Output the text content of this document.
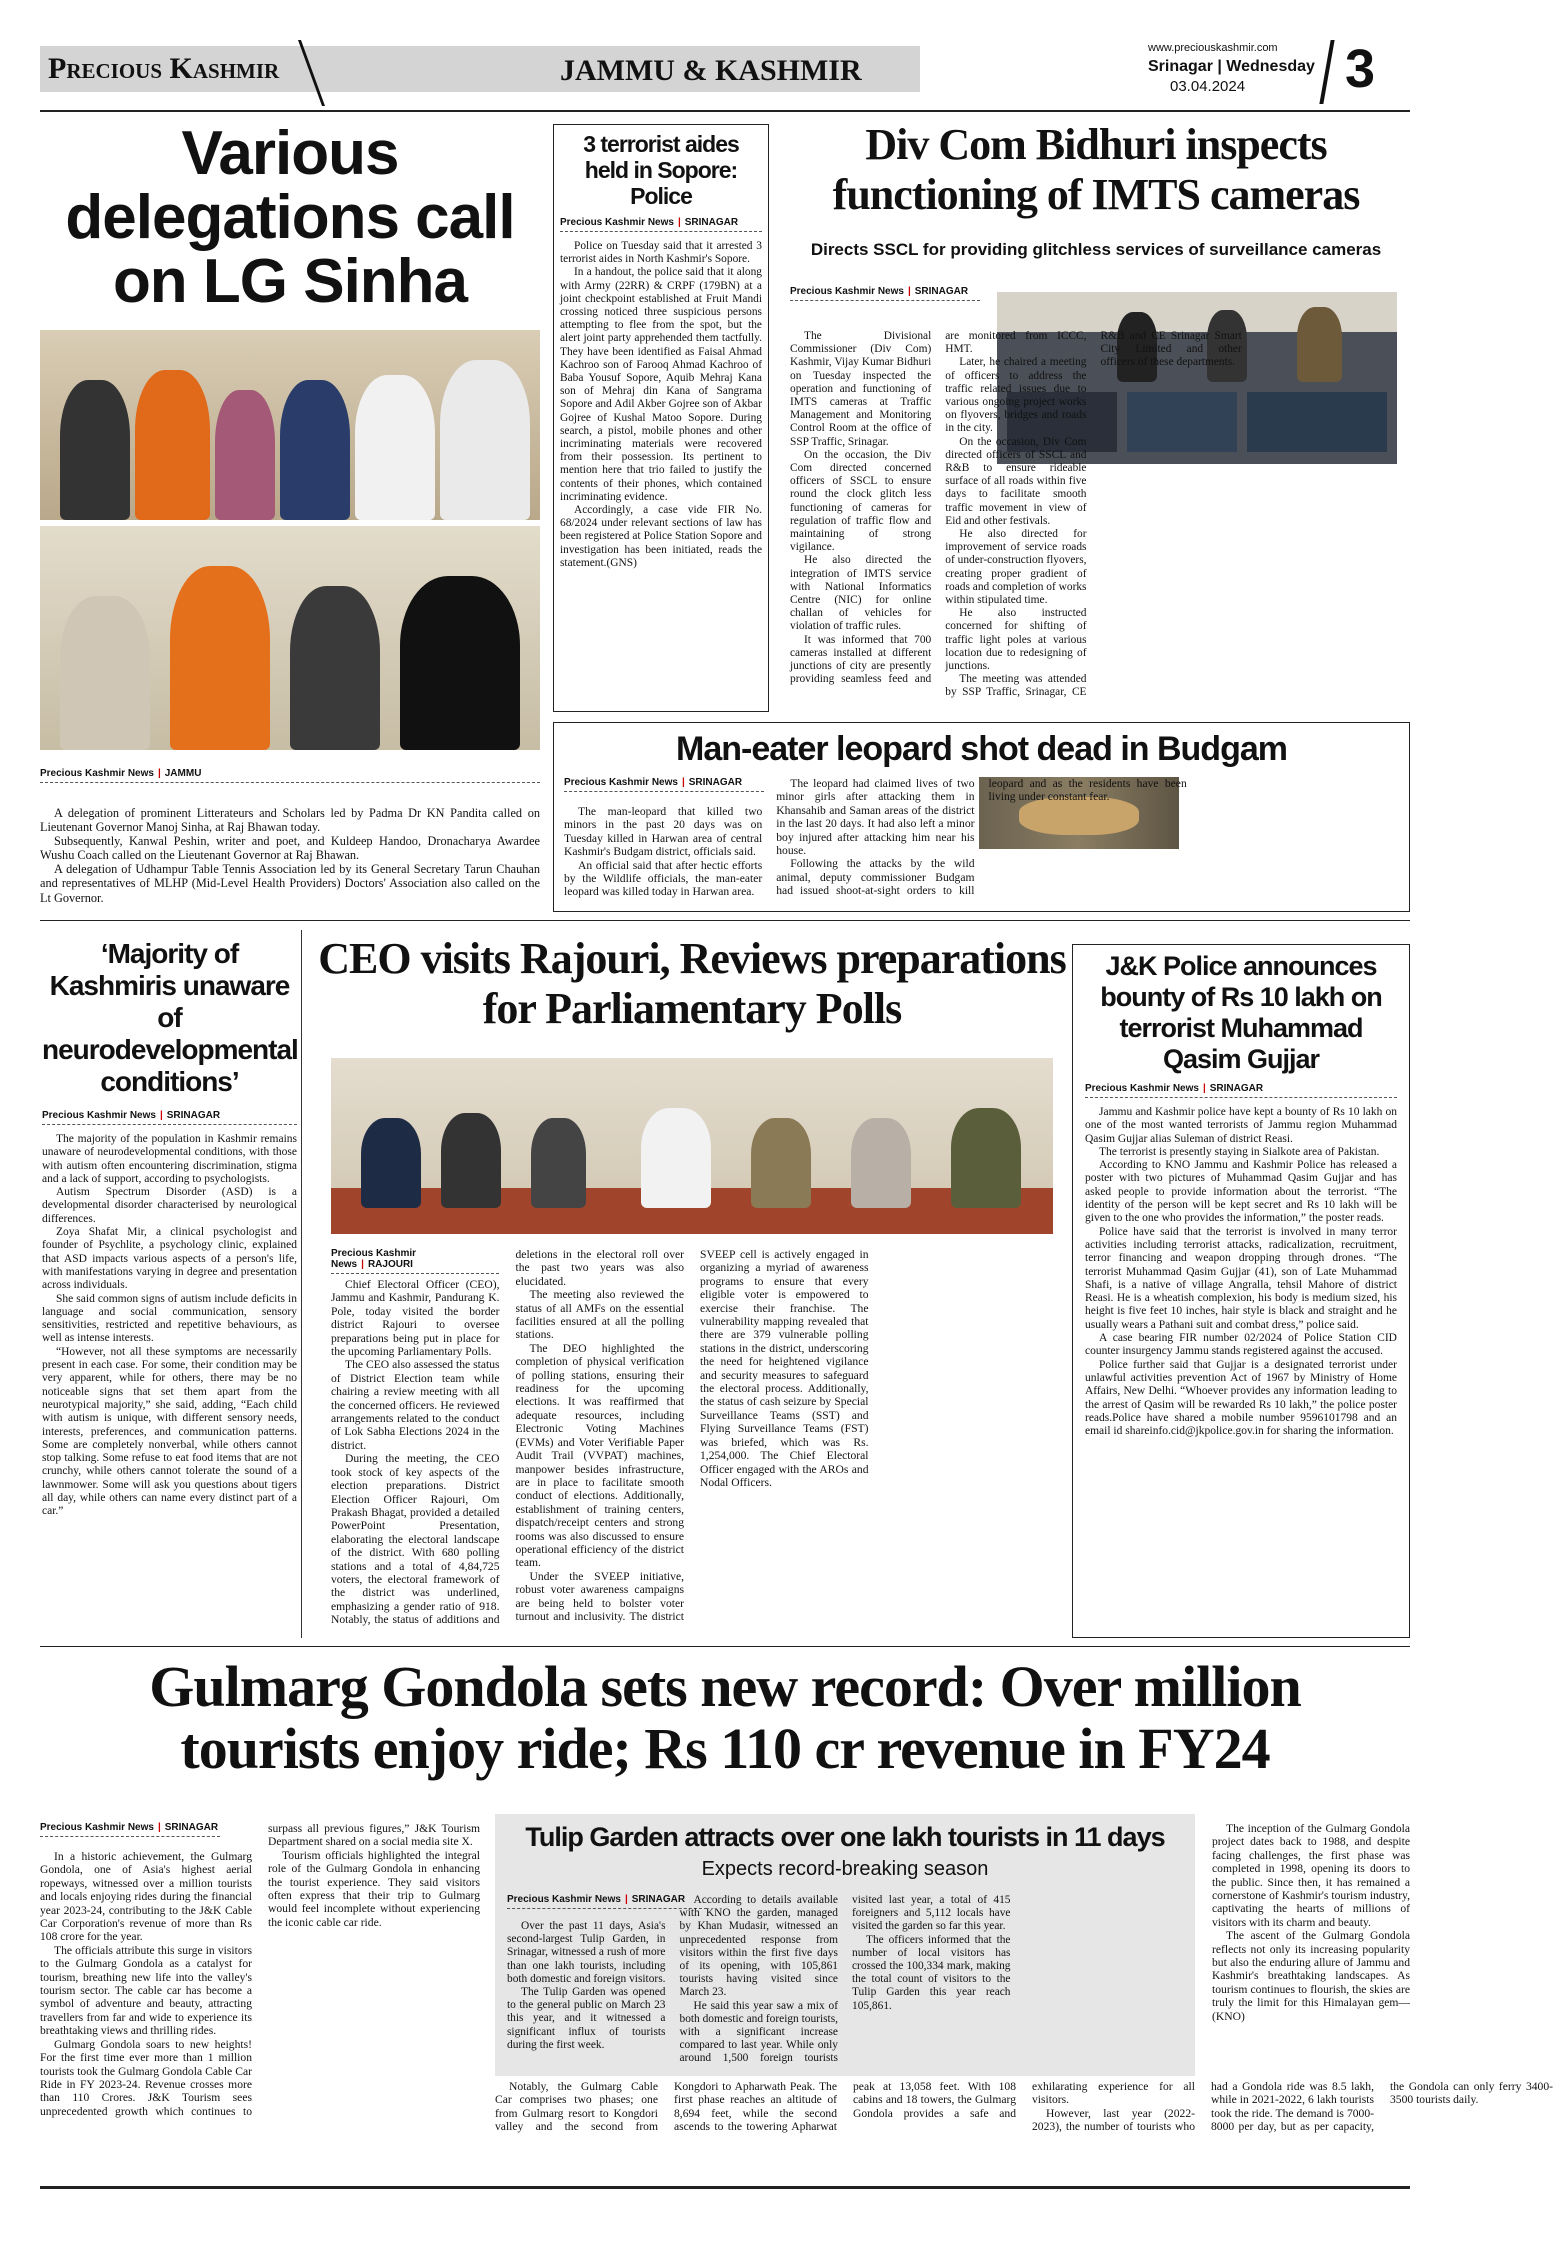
Precious Kashmir	JAMMU & KASHMIR
www.preciouskashmir.com
Srinagar | Wednesday
03.04.2024 3
Various delegations call on LG Sinha
Precious Kashmir News | JAMMU

A delegation of prominent Litterateurs and Scholars led by Padma Dr KN Pandita called on Lieutenant Governor Manoj Sinha, at Raj Bhawan today.

Subsequently, Kanwal Peshin, writer and poet, and Kuldeep Handoo, Dronacharya Awardee Wushu Coach called on the Lieutenant Governor at Raj Bhawan.

A delegation of Udhampur Table Tennis Association led by its General Secretary Tarun Chauhan and representatives of MLHP (Mid-Level Health Providers) Doctors' Association also called on the Lt Governor.

3 terrorist aides held in Sopore: Police
Precious Kashmir News | SRINAGAR

Police on Tuesday said that it arrested 3 terrorist aides in North Kashmir's Sopore.

In a handout, the police said that it along with Army (22RR) & CRPF (179BN) at a joint checkpoint established at Fruit Mandi crossing noticed three suspicious persons attempting to flee from the spot, but the alert joint party apprehended them tactfully. They have been identified as Faisal Ahmad Kachroo son of Farooq Ahmad Kachroo of Baba Yousuf Sopore, Aquib Mehraj Kana son of Mehraj din Kana of Sangrama Sopore and Adil Akber Gojree son of Akbar Gojree of Kushal Matoo Sopore. During search, a pistol, mobile phones and other incriminating materials were recovered from their possession. Its pertinent to mention here that trio failed to justify the contents of their phones, which contained incriminating evidence.

Accordingly, a case vide FIR No. 68/2024 under relevant sections of law has been registered at Police Station Sopore and investigation has been initiated, reads the statement.(GNS)

Div Com Bidhuri inspects functioning of IMTS cameras
Directs SSCL for providing glitchless services of surveillance cameras
Precious Kashmir News | SRINAGAR

The Divisional Commissioner (Div Com) Kashmir, Vijay Kumar Bidhuri on Tuesday inspected the operation and functioning of IMTS cameras at Traffic Management and Monitoring Control Room at the office of SSP Traffic, Srinagar.

On the occasion, the Div Com directed concerned officers of SSCL to ensure round the clock glitch less functioning of cameras for regulation of traffic flow and maintaining of strong vigilance.

He also directed the integration of IMTS service with National Informatics Centre (NIC) for online challan of vehicles for violation of traffic rules.

It was informed that 700 cameras installed at different junctions of city are presently providing seamless feed and are monitored from ICCC, HMT.

Later, he chaired a meeting of officers to address the traffic related issues due to various ongoing project works on flyovers, bridges and roads in the city.

On the occasion, Div Com directed officers of SSCL and R&B to ensure rideable surface of all roads within five days to facilitate smooth traffic movement in view of Eid and other festivals.

He also directed for improvement of service roads of under-construction flyovers, creating proper gradient of roads and completion of works within stipulated time.

He also instructed concerned for shifting of traffic light poles at various location due to redesigning of junctions.

The meeting was attended by SSP Traffic, Srinagar, CE R&B and CE Srinagar Smart City Limited and other officers of these departments.

Man-eater leopard shot dead in Budgam
Precious Kashmir News | SRINAGAR

The man-leopard that killed two minors in the past 20 days was on Tuesday killed in Harwan area of central Kashmir's Budgam district, officials said.

An official said that after hectic efforts by the Wildlife officials, the man-eater leopard was killed today in Harwan area.

The leopard had claimed lives of two minor girls after attacking them in Khansahib and Saman areas of the district in the last 20 days. It had also left a minor boy injured after attacking him near his house.

Following the attacks by the wild animal, deputy commissioner Budgam had issued shoot-at-sight orders to kill leopard and as the residents have been living under constant fear.

‘Majority of Kashmiris unaware of neurodevelopmental conditions’
Precious Kashmir News | SRINAGAR

The majority of the population in Kashmir remains unaware of neurodevelopmental conditions, with those with autism often encountering discrimination, stigma and a lack of support, according to psychologists.

Autism Spectrum Disorder (ASD) is a developmental disorder characterised by neurological differences.

Zoya Shafat Mir, a clinical psychologist and founder of Psychlite, a psychology clinic, explained that ASD impacts various aspects of a person's life, with manifestations varying in degree and presentation across individuals.

She said common signs of autism include deficits in language and social communication, sensory sensitivities, restricted and repetitive behaviours, as well as intense interests.

“However, not all these symptoms are necessarily present in each case. For some, their condition may be very apparent, while for others, there may be no noticeable signs that set them apart from the neurotypical majority,” she said, adding, “Each child with autism is unique, with different sensory needs, interests, preferences, and communication patterns. Some are completely nonverbal, while others cannot stop talking. Some refuse to eat food items that are not crunchy, while others cannot tolerate the sound of a lawnmower. Some will ask you questions about tigers all day, while others can name every distinct part of a car.”

CEO visits Rajouri, Reviews preparations for Parliamentary Polls
Precious Kashmir News | RAJOURI

Chief Electoral Officer (CEO), Jammu and Kashmir, Pandurang K. Pole, today visited the border district Rajouri to oversee preparations being put in place for the upcoming Parliamentary Polls.

The CEO also assessed the status of District Election team while chairing a review meeting with all the concerned officers. He reviewed arrangements related to the conduct of Lok Sabha Elections 2024 in the district.

During the meeting, the CEO took stock of key aspects of the election preparations. District Election Officer Rajouri, Om Prakash Bhagat, provided a detailed PowerPoint Presentation, elaborating the electoral landscape of the district. With 680 polling stations and a total of 4,84,725 voters, the electoral framework of the district was underlined, emphasizing a gender ratio of 918. Notably, the status of additions and deletions in the electoral roll over the past two years was also elucidated.

The meeting also reviewed the status of all AMFs on the essential facilities ensured at all the polling stations.

The DEO highlighted the completion of physical verification of polling stations, ensuring their readiness for the upcoming elections. It was reaffirmed that adequate resources, including Electronic Voting Machines (EVMs) and Voter Verifiable Paper Audit Trail (VVPAT) machines, manpower besides infrastructure, are in place to facilitate smooth conduct of elections. Additionally, establishment of training centers, dispatch/receipt centers and strong rooms was also discussed to ensure operational efficiency of the district team.

Under the SVEEP initiative, robust voter awareness campaigns are being held to bolster voter turnout and inclusivity. The district SVEEP cell is actively engaged in organizing a myriad of awareness programs to ensure that every eligible voter is empowered to exercise their franchise. The vulnerability mapping revealed that there are 379 vulnerable polling stations in the district, underscoring the need for heightened vigilance and security measures to safeguard the electoral process. Additionally, the status of cash seizure by Special Surveillance Teams (SST) and Flying Surveillance Teams (FST) was briefed, which was Rs. 1,254,000. The Chief Electoral Officer engaged with the AROs and Nodal Officers.

J&K Police announces bounty of Rs 10 lakh on terrorist Muhammad Qasim Gujjar
Precious Kashmir News | SRINAGAR

Jammu and Kashmir police have kept a bounty of Rs 10 lakh on one of the most wanted terrorists of Jammu region Muhammad Qasim Gujjar alias Suleman of district Reasi.

The terrorist is presently staying in Sialkote area of Pakistan.

According to KNO Jammu and Kashmir Police has released a poster with two pictures of Muhammad Qasim Gujjar and has asked people to provide information about the terrorist. “The identity of the person will be kept secret and Rs 10 lakh will be given to the one who provides the information,” the poster reads.

Police have said that the terrorist is involved in many terror activities including terrorist attacks, radicalization, recruitment, terror financing and weapon dropping through drones. “The terrorist Muhammad Qasim Gujjar (41), son of Late Muhammad Shafi, is a native of village Angralla, tehsil Mahore of district Reasi. He is a wheatish complexion, his body is medium sized, his height is five feet 10 inches, hair style is black and straight and he usually wears a Pathani suit and combat dress,” police said.

A case bearing FIR number 02/2024 of Police Station CID counter insurgency Jammu stands registered against the accused.

Police further said that Gujjar is a designated terrorist under unlawful activities prevention Act of 1967 by Ministry of Home Affairs, New Delhi. “Whoever provides any information leading to the arrest of Qasim will be rewarded Rs 10 lakh,” the police poster reads.Police have shared a mobile number 9596101798 and an email id shareinfo.cid@jkpolice.gov.in for sharing the information.

Gulmarg Gondola sets new record: Over million tourists enjoy ride; Rs 110 cr revenue in FY24
Precious Kashmir News | SRINAGAR

In a historic achievement, the Gulmarg Gondola, one of Asia's highest aerial ropeways, witnessed over a million tourists and locals enjoying rides during the financial year 2023-24, contributing to the J&K Cable Car Corporation's revenue of more than Rs 108 crore for the year.

The officials attribute this surge in visitors to the Gulmarg Gondola as a catalyst for tourism, breathing new life into the valley's tourism sector. The cable car has become a symbol of adventure and beauty, attracting travellers from far and wide to experience its breathtaking views and thrilling rides.

Gulmarg Gondola soars to new heights! For the first time ever more than 1 million tourists took the Gulmarg Gondola Cable Car Ride in FY 2023-24. Revenue crosses more than 110 Crores. J&K Tourism sees unprecedented growth which continues to surpass all previous figures,” J&K Tourism Department shared on a social media site X.

Tourism officials highlighted the integral role of the Gulmarg Gondola in enhancing the tourist experience. They said visitors often express that their trip to Gulmarg would feel incomplete without experiencing the iconic cable car ride.

Notably, the Gulmarg Cable Car comprises two phases; one from Gulmarg resort to Kongdori valley and the second from Kongdori to Apharwath Peak. The first phase reaches an altitude of 8,694 feet, while the second ascends to the towering Apharwat peak at 13,058 feet. With 108 cabins and 18 towers, the Gulmarg Gondola provides a safe and exhilarating experience for all visitors.

However, last year (2022-2023), the number of tourists who had a Gondola ride was 8.5 lakh, while in 2021-2022, 6 lakh tourists took the ride. The demand is 7000-8000 per day, but as per capacity, the Gondola can only ferry 3400-3500 tourists daily.

The inception of the Gulmarg Gondola project dates back to 1988, and despite facing challenges, the first phase was completed in 1998, opening its doors to the public. Since then, it has remained a cornerstone of Kashmir's tourism industry, captivating the hearts of millions of visitors with its charm and beauty.

The ascent of the Gulmarg Gondola reflects not only its increasing popularity but also the enduring allure of Jammu and Kashmir's breathtaking landscapes. As tourism continues to flourish, the skies are truly the limit for this Himalayan gem—(KNO)

Tulip Garden attracts over one lakh tourists in 11 days
Expects record-breaking season
Precious Kashmir News | SRINAGAR

Over the past 11 days, Asia's second-largest Tulip Garden, in Srinagar, witnessed a rush of more than one lakh tourists, including both domestic and foreign visitors.

The Tulip Garden was opened to the general public on March 23 this year, and it witnessed a significant influx of tourists during the first week.

According to details available with KNO the garden, managed by Khan Mudasir, witnessed an unprecedented response from visitors within the first five days of its opening, with 105,861 tourists having visited since March 23.

He said this year saw a mix of both domestic and foreign tourists, with a significant increase compared to last year. While only around 1,500 foreign tourists visited last year, a total of 415 foreigners and 5,112 locals have visited the garden so far this year.

The officers informed that the number of local visitors has crossed the 100,334 mark, making the total count of visitors to the Tulip Garden this year reach 105,861.
